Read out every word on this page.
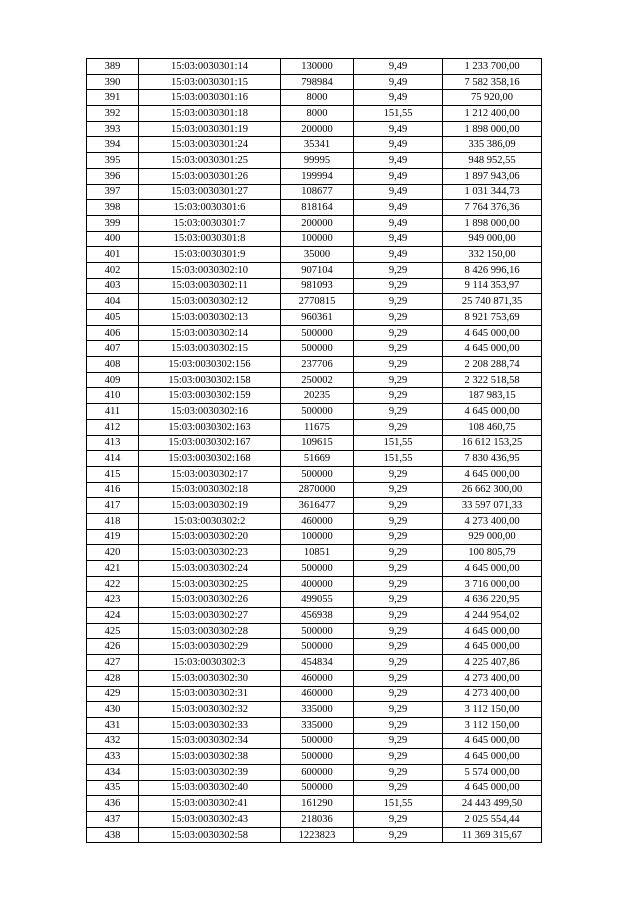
389	15:03:0030301:14	130000	9,49	1 233 700,00
390	15:03:0030301:15	798984	9,49	7 582 358,16
391	15:03:0030301:16	8000	9,49	75 920,00
392	15:03:0030301:18	8000	151,55	1 212 400,00
393	15:03:0030301:19	200000	9,49	1 898 000,00
394	15:03:0030301:24	35341	9,49	335 386,09
395	15:03:0030301:25	99995	9,49	948 952,55
396	15:03:0030301:26	199994	9,49	1 897 943,06
397	15:03:0030301:27	108677	9,49	1 031 344,73
398	15:03:0030301:6	818164	9,49	7 764 376,36
399	15:03:0030301:7	200000	9,49	1 898 000,00
400	15:03:0030301:8	100000	9,49	949 000,00
401	15:03:0030301:9	35000	9,49	332 150,00
402	15:03:0030302:10	907104	9,29	8 426 996,16
403	15:03:0030302:11	981093	9,29	9 114 353,97
404	15:03:0030302:12	2770815	9,29	25 740 871,35
405	15:03:0030302:13	960361	9,29	8 921 753,69
406	15:03:0030302:14	500000	9,29	4 645 000,00
407	15:03:0030302:15	500000	9,29	4 645 000,00
408	15:03:0030302:156	237706	9,29	2 208 288,74
409	15:03:0030302:158	250002	9,29	2 322 518,58
410	15:03:0030302:159	20235	9,29	187 983,15
411	15:03:0030302:16	500000	9,29	4 645 000,00
412	15:03:0030302:163	11675	9,29	108 460,75
413	15:03:0030302:167	109615	151,55	16 612 153,25
414	15:03:0030302:168	51669	151,55	7 830 436,95
415	15:03:0030302:17	500000	9,29	4 645 000,00
416	15:03:0030302:18	2870000	9,29	26 662 300,00
417	15:03:0030302:19	3616477	9,29	33 597 071,33
418	15:03:0030302:2	460000	9,29	4 273 400,00
419	15:03:0030302:20	100000	9,29	929 000,00
420	15:03:0030302:23	10851	9,29	100 805,79
421	15:03:0030302:24	500000	9,29	4 645 000,00
422	15:03:0030302:25	400000	9,29	3 716 000,00
423	15:03:0030302:26	499055	9,29	4 636 220,95
424	15:03:0030302:27	456938	9,29	4 244 954,02
425	15:03:0030302:28	500000	9,29	4 645 000,00
426	15:03:0030302:29	500000	9,29	4 645 000,00
427	15:03:0030302:3	454834	9,29	4 225 407,86
428	15:03:0030302:30	460000	9,29	4 273 400,00
429	15:03:0030302:31	460000	9,29	4 273 400,00
430	15:03:0030302:32	335000	9,29	3 112 150,00
431	15:03:0030302:33	335000	9,29	3 112 150,00
432	15:03:0030302:34	500000	9,29	4 645 000,00
433	15:03:0030302:38	500000	9,29	4 645 000,00
434	15:03:0030302:39	600000	9,29	5 574 000,00
435	15:03:0030302:40	500000	9,29	4 645 000,00
436	15:03:0030302:41	161290	151,55	24 443 499,50
437	15:03:0030302:43	218036	9,29	2 025 554,44
438	15:03:0030302:58	1223823	9,29	11 369 315,67
